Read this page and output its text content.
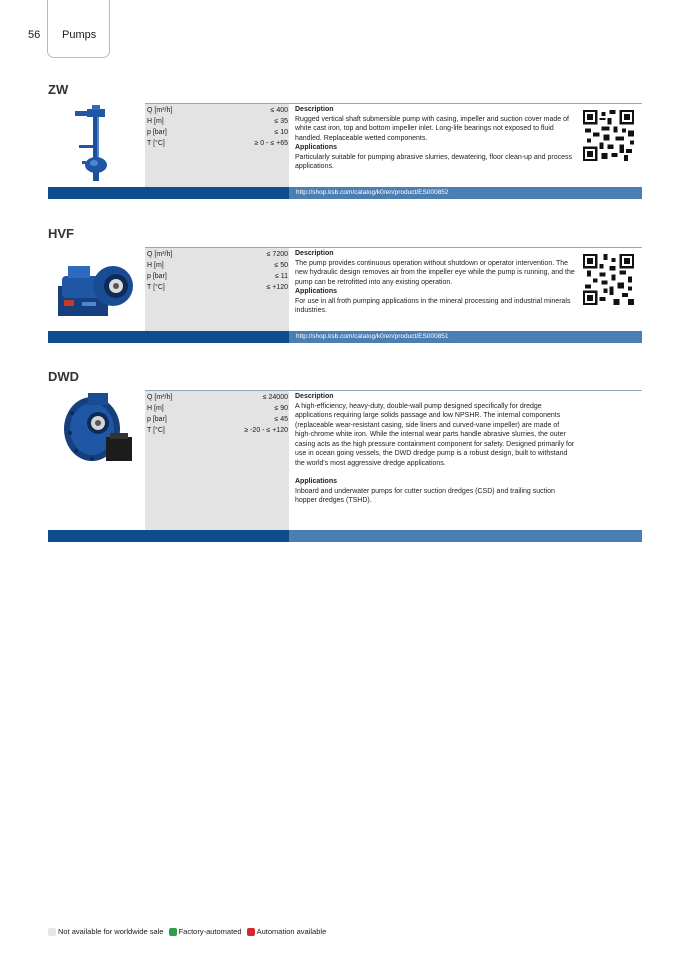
56 Pumps
ZW
Q [m³/h]	≤ 400
H [m]	≤ 35
p [bar]	≤ 10
T [°C]	≥ 0 - ≤ +65
Description

Rugged vertical shaft submersible pump with casing, impeller and suction cover made of white cast iron, top and bottom impeller inlet. Long-life bearings not exposed to fluid handled. Replaceable wetted components.

Applications

Particularly suitable for pumping abrasive slurries, dewatering, floor clean-up and process applications.

http://shop.ksb.com/catalog/k0/en/product/ES000852
HVF
Q [m³/h]	≤ 7200
H [m]	≤ 50
p [bar]	≤ 11
T [°C]	≤ +120
Description

The pump provides continuous operation without shutdown or operator intervention. The new hydraulic design removes air from the impeller eye while the pump is running, and the pump can be retrofitted into any existing operation.

Applications

For use in all froth pumping applications in the mineral processing and industrial minerals industries.

http://shop.ksb.com/catalog/k0/en/product/ES000851
DWD
Q [m³/h]	≤ 24000
H [m]	≤ 90
p [bar]	≤ 45
T [°C]	≥ -20 - ≤ +120
Description

A high-efficiency, heavy-duty, double-wall pump designed specifically for dredge applications requiring large solids passage and low NPSHR. The internal components (replaceable wear-resistant casing, side liners and curved-vane impeller) are made of high-chrome white iron. While the internal wear parts handle abrasive slurries, the outer casing acts as the high pressure containment component for safety. Designed primarily for use in ocean going vessels, the DWD dredge pump is a robust design, built to withstand the world's most aggressive dredge applications.

Applications

Inboard and underwater pumps for cutter suction dredges (CSD) and trailing suction hopper dredges (TSHD).

Not available for worldwide sale
Factory-automated
Automation available
